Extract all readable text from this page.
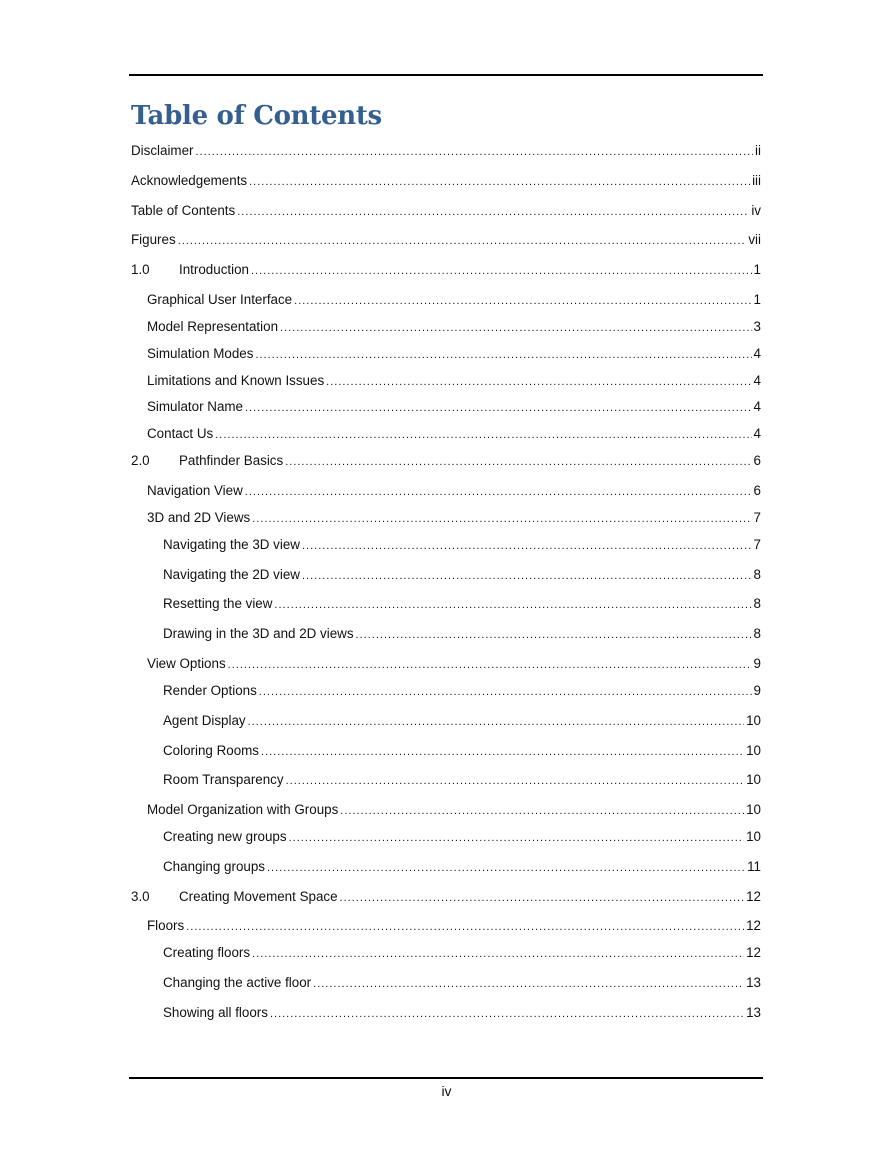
Table of Contents
Disclaimer .....	ii
Acknowledgements .....	iii
Table of Contents .....	iv
Figures .....	vii
1.0	Introduction .....	1
Graphical User Interface .....	1
Model Representation .....	3
Simulation Modes .....	4
Limitations and Known Issues .....	4
Simulator Name .....	4
Contact Us .....	4
2.0	Pathfinder Basics .....	6
Navigation View .....	6
3D and 2D Views .....	7
Navigating the 3D view .....	7
Navigating the 2D view .....	8
Resetting the view .....	8
Drawing in the 3D and 2D views .....	8
View Options .....	9
Render Options .....	9
Agent Display .....	10
Coloring Rooms .....	10
Room Transparency .....	10
Model Organization with Groups .....	10
Creating new groups .....	10
Changing groups .....	11
3.0	Creating Movement Space .....	12
Floors .....	12
Creating floors .....	12
Changing the active floor .....	13
Showing all floors .....	13
iv
